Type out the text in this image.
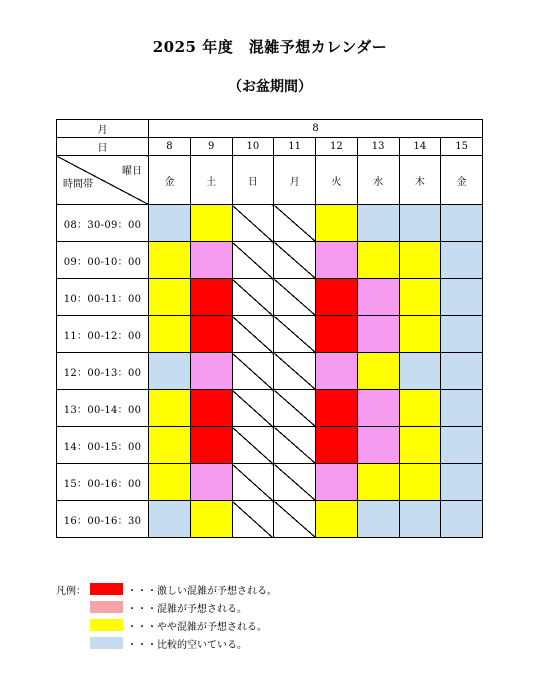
2025 年度　混雑予想カレンダー
（お盆期間）
月	8							
日	8	9	10	11	12	13	14	15

曜日
時間帯	金	土	日	月	火	水	木	金
08：30-09：00								
09：00-10：00								
10：00-11：00								
11：00-12：00								
12：00-13：00								
13：00-14：00								
14：00-15：00								
15：00-16：00								
16：00-16：30								
凡例：	・・・激しい混雑が予想される。
・・・混雑が予想される。
・・・やや混雑が予想される。
・・・比較的空いている。
